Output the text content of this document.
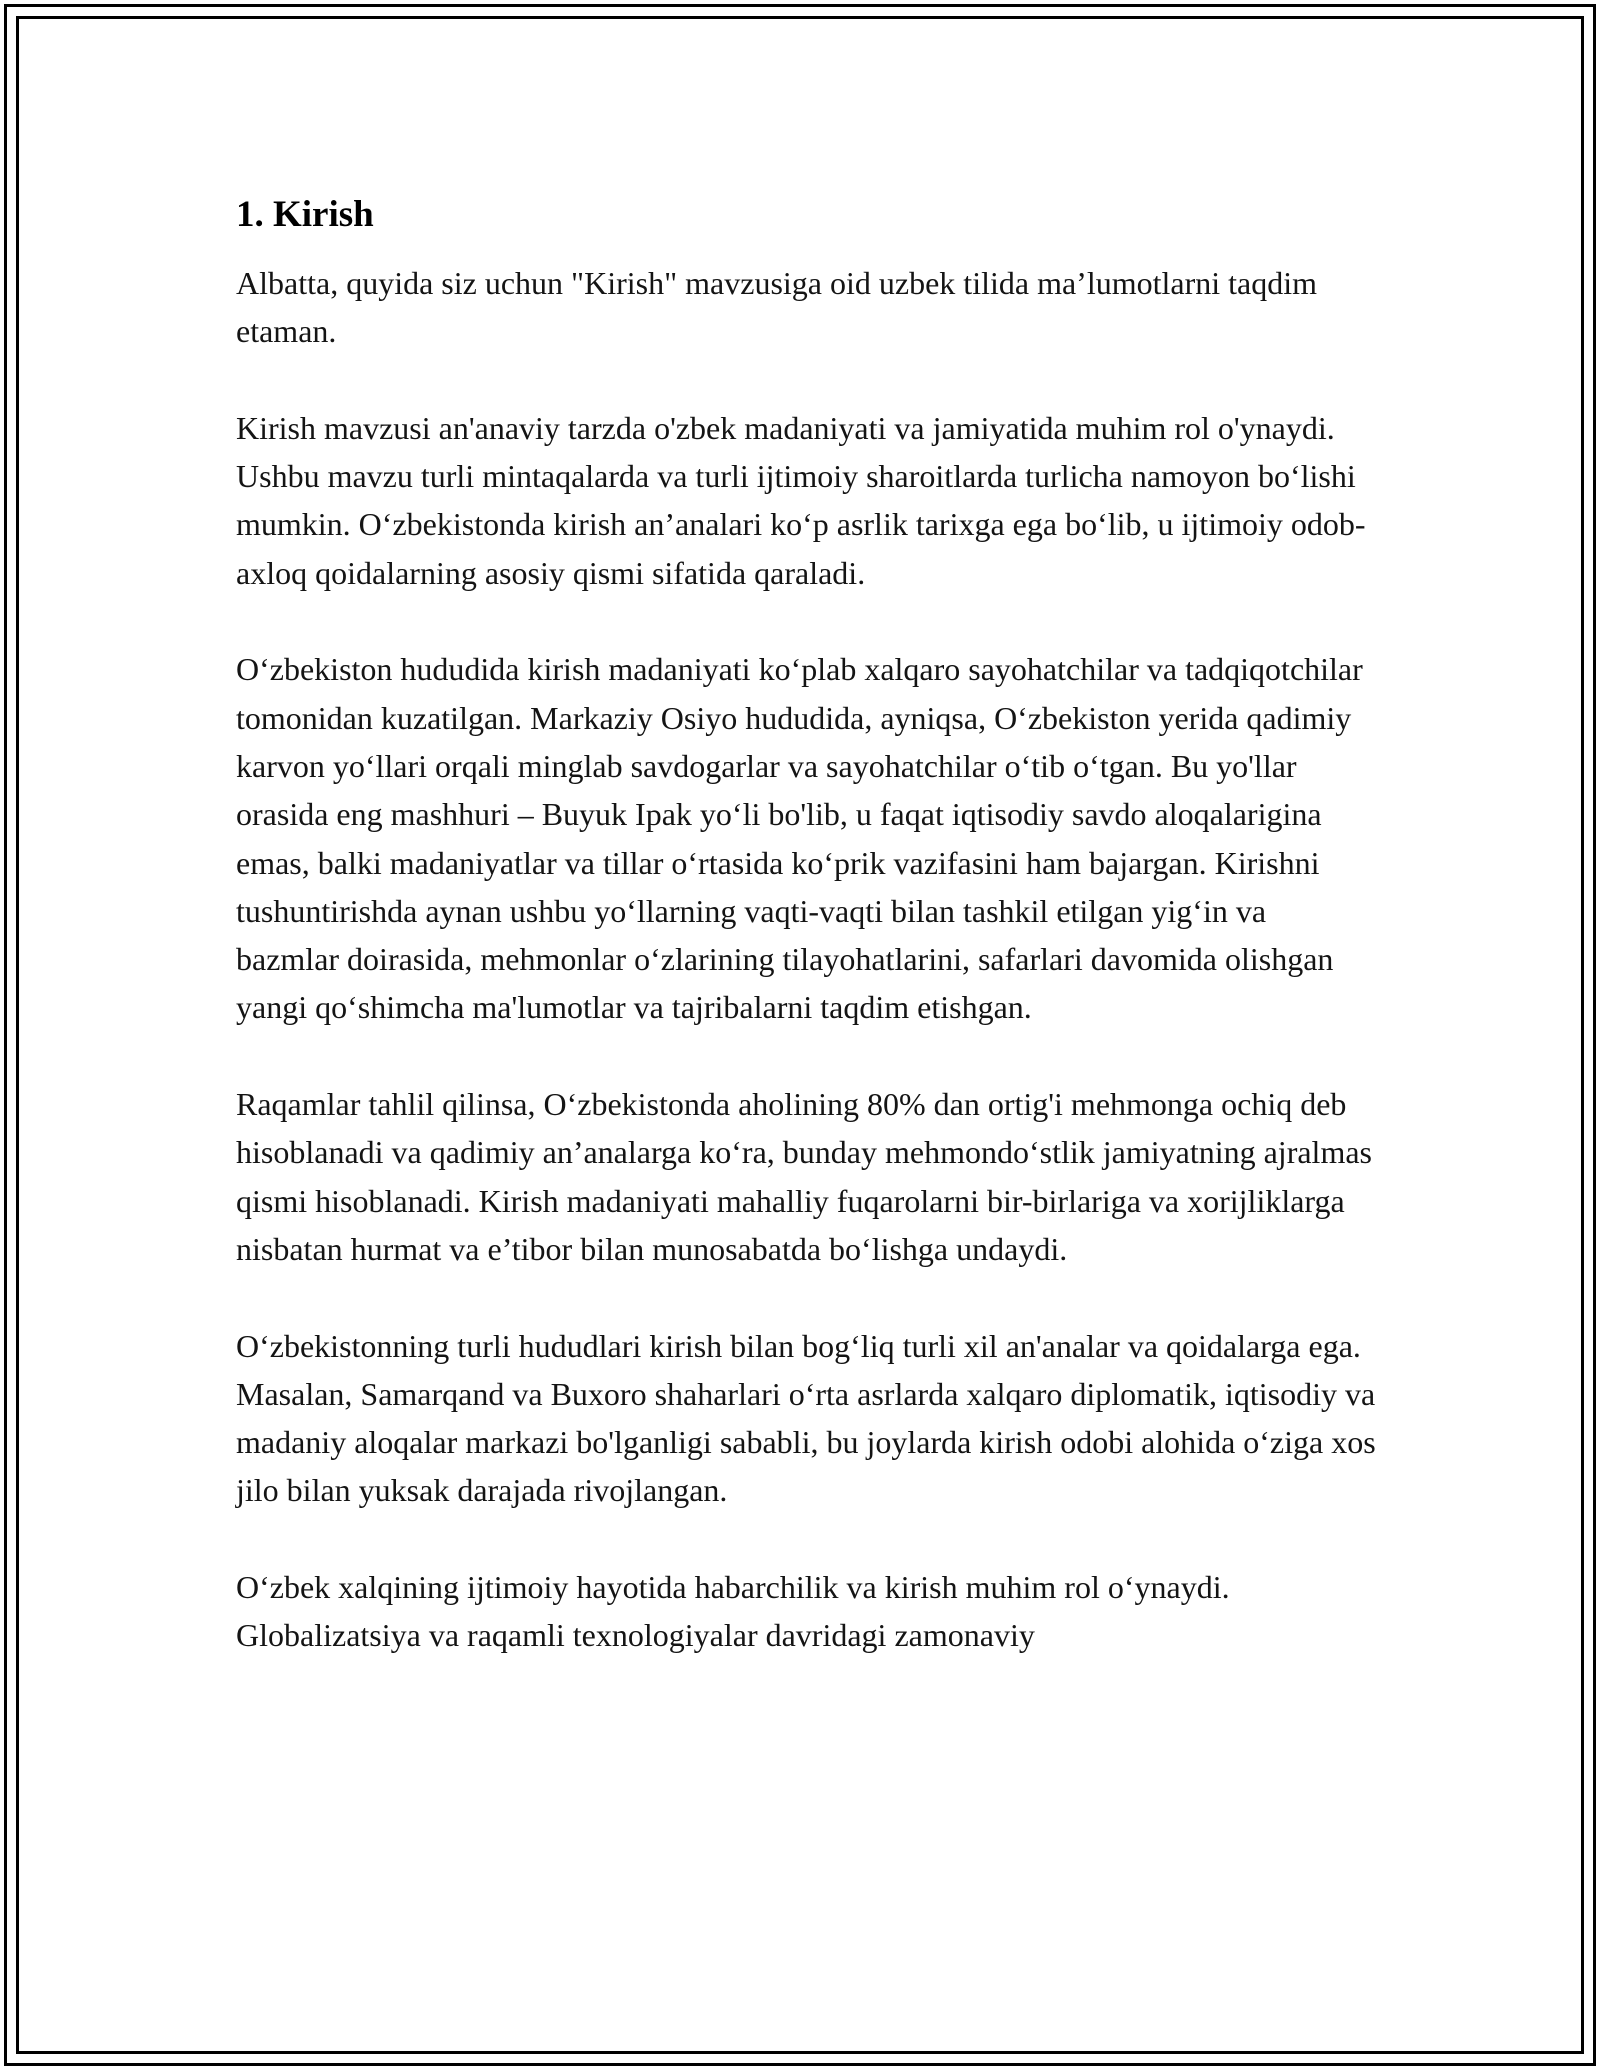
1. Kirish

Albatta, quyida siz uchun "Kirish" mavzusiga oid uzbek tilida ma’lumotlarni taqdim etaman.

Kirish mavzusi an'anaviy tarzda o'zbek madaniyati va jamiyatida muhim rol o'ynaydi. Ushbu mavzu turli mintaqalarda va turli ijtimoiy sharoitlarda turlicha namoyon boʻlishi mumkin. Oʻzbekistonda kirish an’analari koʻp asrlik tarixga ega boʻlib, u ijtimoiy odob-axloq qoidalarning asosiy qismi sifatida qaraladi.

Oʻzbekiston hududida kirish madaniyati koʻplab xalqaro sayohatchilar va tadqiqotchilar tomonidan kuzatilgan. Markaziy Osiyo hududida, ayniqsa, Oʻzbekiston yerida qadimiy karvon yoʻllari orqali minglab savdogarlar va sayohatchilar oʻtib oʻtgan. Bu yo'llar orasida eng mashhuri – Buyuk Ipak yoʻli bo'lib, u faqat iqtisodiy savdo aloqalarigina emas, balki madaniyatlar va tillar oʻrtasida koʻprik vazifasini ham bajargan. Kirishni tushuntirishda aynan ushbu yoʻllarning vaqti-vaqti bilan tashkil etilgan yigʻin va bazmlar doirasida, mehmonlar oʻzlarining tilayohatlarini, safarlari davomida olishgan yangi qoʻshimcha ma'lumotlar va tajribalarni taqdim etishgan.

Raqamlar tahlil qilinsa, Oʻzbekistonda aholining 80% dan ortig'i mehmonga ochiq deb hisoblanadi va qadimiy an’analarga koʻra, bunday mehmondoʻstlik jamiyatning ajralmas qismi hisoblanadi. Kirish madaniyati mahalliy fuqarolarni bir-birlariga va xorijliklarga nisbatan hurmat va e’tibor bilan munosabatda boʻlishga undaydi.

Oʻzbekistonning turli hududlari kirish bilan bogʻliq turli xil an'analar va qoidalarga ega. Masalan, Samarqand va Buxoro shaharlari oʻrta asrlarda xalqaro diplomatik, iqtisodiy va madaniy aloqalar markazi bo'lganligi sababli, bu joylarda kirish odobi alohida oʻziga xos jilo bilan yuksak darajada rivojlangan.

Oʻzbek xalqining ijtimoiy hayotida habarchilik va kirish muhim rol oʻynaydi. Globalizatsiya va raqamli texnologiyalar davridagi zamonaviy
